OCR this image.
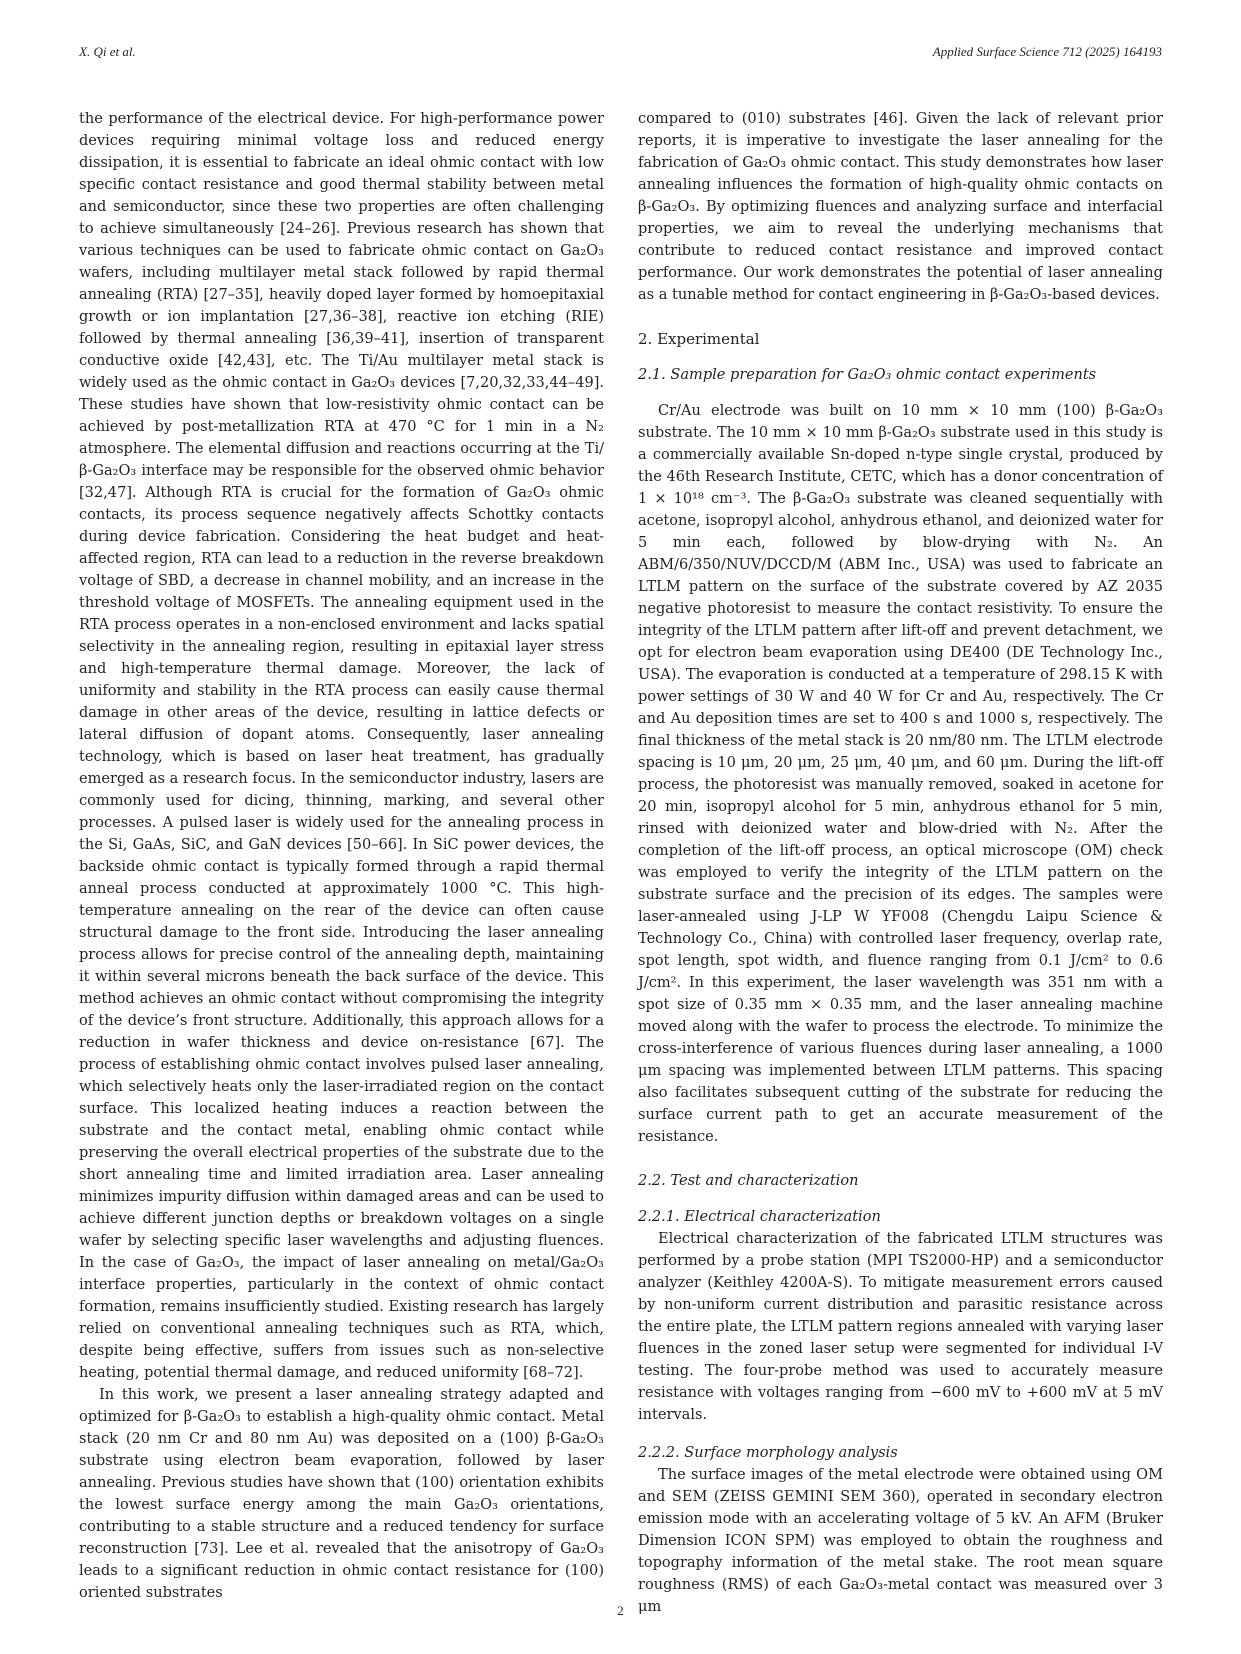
X. Qi et al.	Applied Surface Science 712 (2025) 164193

the performance of the electrical device. For high-performance power devices requiring minimal voltage loss and reduced energy dissipation, it is essential to fabricate an ideal ohmic contact with low specific contact resistance and good thermal stability between metal and semiconductor, since these two properties are often challenging to achieve simultaneously [24–26]. Previous research has shown that various techniques can be used to fabricate ohmic contact on Ga₂O₃ wafers, including multilayer metal stack followed by rapid thermal annealing (RTA) [27–35], heavily doped layer formed by homoepitaxial growth or ion implantation [27,36–38], reactive ion etching (RIE) followed by thermal annealing [36,39–41], insertion of transparent conductive oxide [42,43], etc. The Ti/Au multilayer metal stack is widely used as the ohmic contact in Ga₂O₃ devices [7,20,32,33,44–49]. These studies have shown that low-resistivity ohmic contact can be achieved by post-metallization RTA at 470 °C for 1 min in a N₂ atmosphere. The elemental diffusion and reactions occurring at the Ti/β-Ga₂O₃ interface may be responsible for the observed ohmic behavior [32,47]. Although RTA is crucial for the formation of Ga₂O₃ ohmic contacts, its process sequence negatively affects Schottky contacts during device fabrication. Considering the heat budget and heat-affected region, RTA can lead to a reduction in the reverse breakdown voltage of SBD, a decrease in channel mobility, and an increase in the threshold voltage of MOSFETs. The annealing equipment used in the RTA process operates in a non-enclosed environment and lacks spatial selectivity in the annealing region, resulting in epitaxial layer stress and high-temperature thermal damage. Moreover, the lack of uniformity and stability in the RTA process can easily cause thermal damage in other areas of the device, resulting in lattice defects or lateral diffusion of dopant atoms. Consequently, laser annealing technology, which is based on laser heat treatment, has gradually emerged as a research focus. In the semiconductor industry, lasers are commonly used for dicing, thinning, marking, and several other processes. A pulsed laser is widely used for the annealing process in the Si, GaAs, SiC, and GaN devices [50–66]. In SiC power devices, the backside ohmic contact is typically formed through a rapid thermal anneal process conducted at approximately 1000 °C. This high-temperature annealing on the rear of the device can often cause structural damage to the front side. Introducing the laser annealing process allows for precise control of the annealing depth, maintaining it within several microns beneath the back surface of the device. This method achieves an ohmic contact without compromising the integrity of the device’s front structure. Additionally, this approach allows for a reduction in wafer thickness and device on-resistance [67]. The process of establishing ohmic contact involves pulsed laser annealing, which selectively heats only the laser-irradiated region on the contact surface. This localized heating induces a reaction between the substrate and the contact metal, enabling ohmic contact while preserving the overall electrical properties of the substrate due to the short annealing time and limited irradiation area. Laser annealing minimizes impurity diffusion within damaged areas and can be used to achieve different junction depths or breakdown voltages on a single wafer by selecting specific laser wavelengths and adjusting fluences. In the case of Ga₂O₃, the impact of laser annealing on metal/Ga₂O₃ interface properties, particularly in the context of ohmic contact formation, remains insufficiently studied. Existing research has largely relied on conventional annealing techniques such as RTA, which, despite being effective, suffers from issues such as non-selective heating, potential thermal damage, and reduced uniformity [68–72].

In this work, we present a laser annealing strategy adapted and optimized for β-Ga₂O₃ to establish a high-quality ohmic contact. Metal stack (20 nm Cr and 80 nm Au) was deposited on a (100) β-Ga₂O₃ substrate using electron beam evaporation, followed by laser annealing. Previous studies have shown that (100) orientation exhibits the lowest surface energy among the main Ga₂O₃ orientations, contributing to a stable structure and a reduced tendency for surface reconstruction [73]. Lee et al. revealed that the anisotropy of Ga₂O₃ leads to a significant reduction in ohmic contact resistance for (100) oriented substrates

compared to (010) substrates [46]. Given the lack of relevant prior reports, it is imperative to investigate the laser annealing for the fabrication of Ga₂O₃ ohmic contact. This study demonstrates how laser annealing influences the formation of high-quality ohmic contacts on β-Ga₂O₃. By optimizing fluences and analyzing surface and interfacial properties, we aim to reveal the underlying mechanisms that contribute to reduced contact resistance and improved contact performance. Our work demonstrates the potential of laser annealing as a tunable method for contact engineering in β-Ga₂O₃-based devices.

2. Experimental
2.1. Sample preparation for Ga₂O₃ ohmic contact experiments

Cr/Au electrode was built on 10 mm × 10 mm (100) β-Ga₂O₃ substrate. The 10 mm × 10 mm β-Ga₂O₃ substrate used in this study is a commercially available Sn-doped n-type single crystal, produced by the 46th Research Institute, CETC, which has a donor concentration of 1 × 10¹⁸ cm⁻³. The β-Ga₂O₃ substrate was cleaned sequentially with acetone, isopropyl alcohol, anhydrous ethanol, and deionized water for 5 min each, followed by blow-drying with N₂. An ABM/6/350/NUV/DCCD/M (ABM Inc., USA) was used to fabricate an LTLM pattern on the surface of the substrate covered by AZ 2035 negative photoresist to measure the contact resistivity. To ensure the integrity of the LTLM pattern after lift-off and prevent detachment, we opt for electron beam evaporation using DE400 (DE Technology Inc., USA). The evaporation is conducted at a temperature of 298.15 K with power settings of 30 W and 40 W for Cr and Au, respectively. The Cr and Au deposition times are set to 400 s and 1000 s, respectively. The final thickness of the metal stack is 20 nm/80 nm. The LTLM electrode spacing is 10 μm, 20 μm, 25 μm, 40 μm, and 60 μm. During the lift-off process, the photoresist was manually removed, soaked in acetone for 20 min, isopropyl alcohol for 5 min, anhydrous ethanol for 5 min, rinsed with deionized water and blow-dried with N₂. After the completion of the lift-off process, an optical microscope (OM) check was employed to verify the integrity of the LTLM pattern on the substrate surface and the precision of its edges. The samples were laser-annealed using J-LP W YF008 (Chengdu Laipu Science & Technology Co., China) with controlled laser frequency, overlap rate, spot length, spot width, and fluence ranging from 0.1 J/cm² to 0.6 J/cm². In this experiment, the laser wavelength was 351 nm with a spot size of 0.35 mm × 0.35 mm, and the laser annealing machine moved along with the wafer to process the electrode. To minimize the cross-interference of various fluences during laser annealing, a 1000 μm spacing was implemented between LTLM patterns. This spacing also facilitates subsequent cutting of the substrate for reducing the surface current path to get an accurate measurement of the resistance.

2.2. Test and characterization
2.2.1. Electrical characterization

Electrical characterization of the fabricated LTLM structures was performed by a probe station (MPI TS2000-HP) and a semiconductor analyzer (Keithley 4200A-S). To mitigate measurement errors caused by non-uniform current distribution and parasitic resistance across the entire plate, the LTLM pattern regions annealed with varying laser fluences in the zoned laser setup were segmented for individual I-V testing. The four-probe method was used to accurately measure resistance with voltages ranging from −600 mV to +600 mV at 5 mV intervals.

2.2.2. Surface morphology analysis

The surface images of the metal electrode were obtained using OM and SEM (ZEISS GEMINI SEM 360), operated in secondary electron emission mode with an accelerating voltage of 5 kV. An AFM (Bruker Dimension ICON SPM) was employed to obtain the roughness and topography information of the metal stake. The root mean square roughness (RMS) of each Ga₂O₃-metal contact was measured over 3 μm

2
